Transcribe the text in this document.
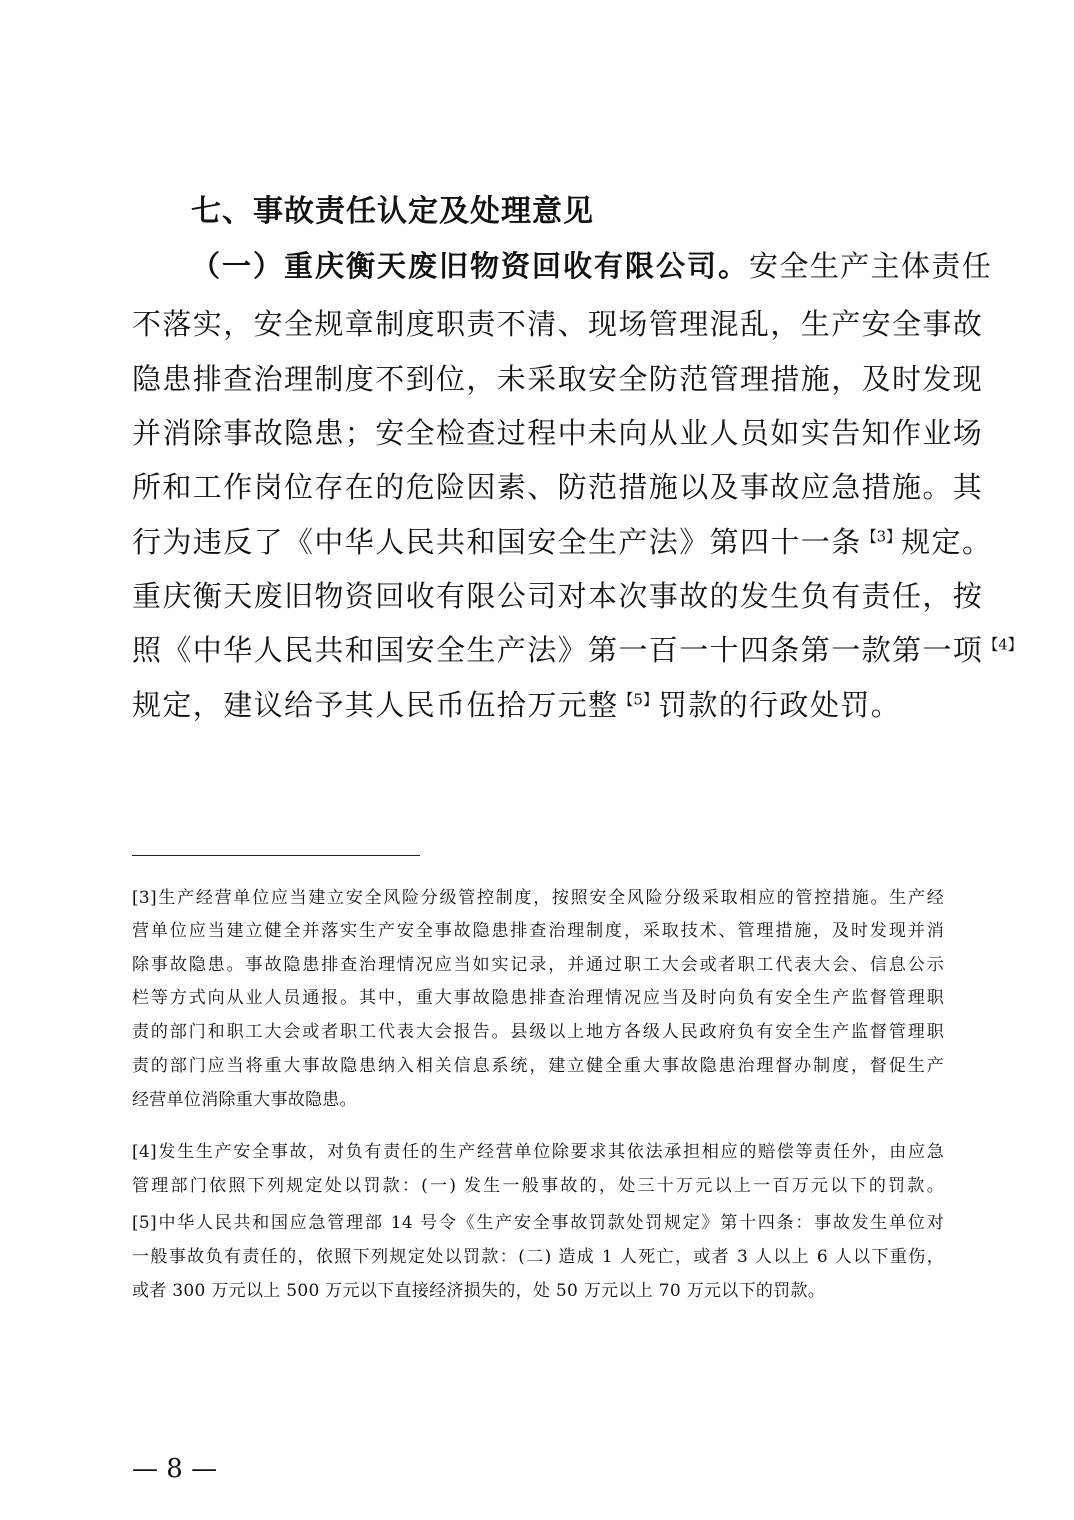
七、事故责任认定及处理意见
（一）重庆衡天废旧物资回收有限公司。安全生产主体责任
不落实，安全规章制度职责不清、现场管理混乱，生产安全事故
隐患排查治理制度不到位，未采取安全防范管理措施，及时发现
并消除事故隐患；安全检查过程中未向从业人员如实告知作业场
所和工作岗位存在的危险因素、防范措施以及事故应急措施。其
行为违反了《中华人民共和国安全生产法》第四十一条$^{【3】}$规定。
重庆衡天废旧物资回收有限公司对本次事故的发生负有责任，按
照《中华人民共和国安全生产法》第一百一十四条第一款第一项$^{【4】}$
规定，建议给予其人民币伍拾万元整$^{【5】}$罚款的行政处罚。
[3]生产经营单位应当建立安全风险分级管控制度，按照安全风险分级采取相应的管控措施。生产经
营单位应当建立健全并落实生产安全事故隐患排查治理制度，采取技术、管理措施，及时发现并消
除事故隐患。事故隐患排查治理情况应当如实记录，并通过职工大会或者职工代表大会、信息公示
栏等方式向从业人员通报。其中，重大事故隐患排查治理情况应当及时向负有安全生产监督管理职
责的部门和职工大会或者职工代表大会报告。县级以上地方各级人民政府负有安全生产监督管理职
责的部门应当将重大事故隐患纳入相关信息系统，建立健全重大事故隐患治理督办制度，督促生产
经营单位消除重大事故隐患。
[4]发生生产安全事故，对负有责任的生产经营单位除要求其依法承担相应的赔偿等责任外，由应急
管理部门依照下列规定处以罚款：(一) 发生一般事故的，处三十万元以上一百万元以下的罚款。
[5]中华人民共和国应急管理部 14 号令《生产安全事故罚款处罚规定》第十四条：事故发生单位对
一般事故负有责任的，依照下列规定处以罚款：(二) 造成 1 人死亡，或者 3 人以上 6 人以下重伤，
或者 300 万元以上 500 万元以下直接经济损失的，处 50 万元以上 70 万元以下的罚款。
— 8 —
